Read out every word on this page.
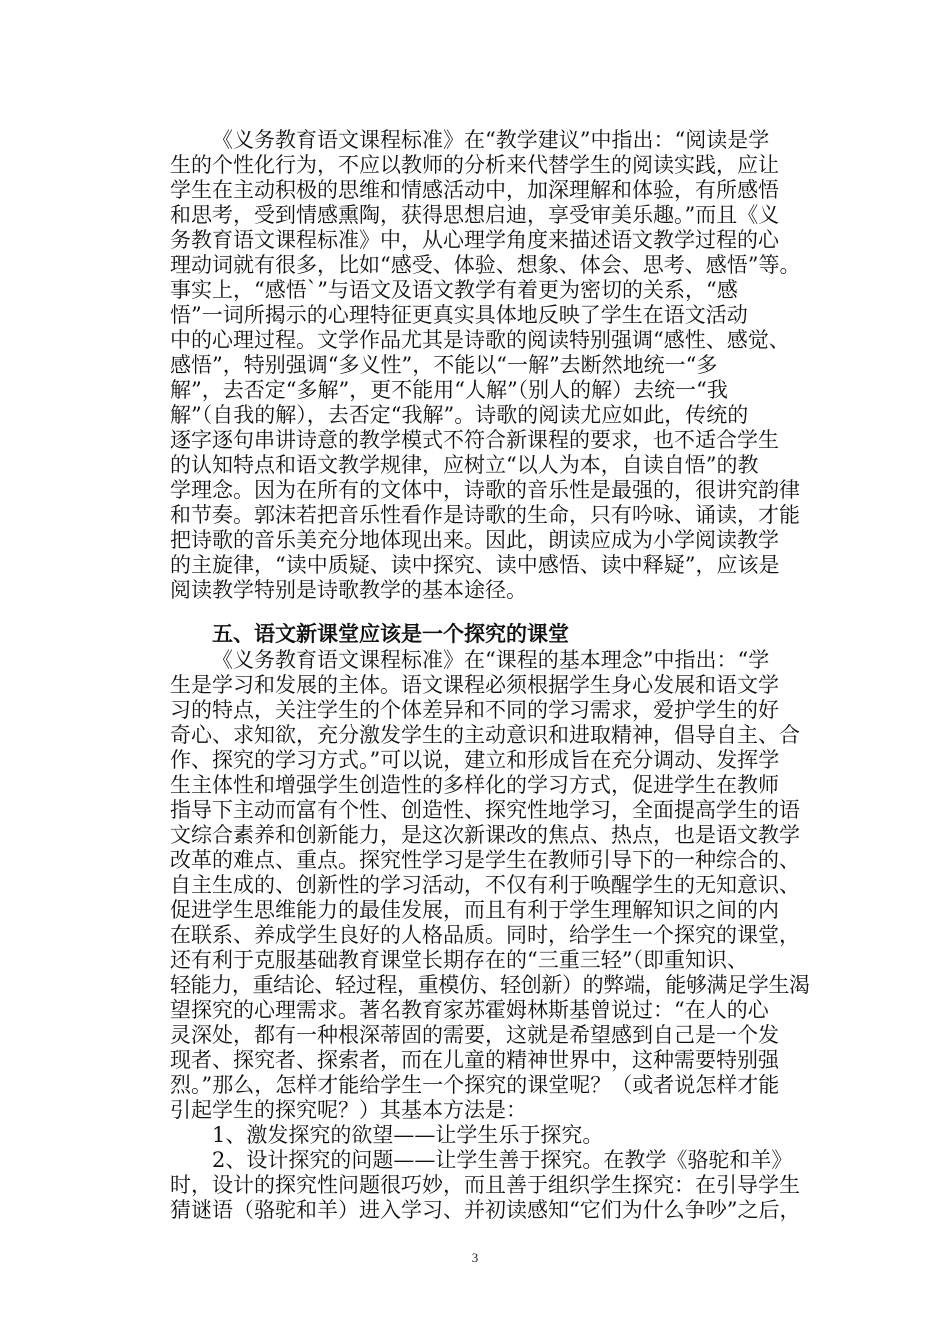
《义务教育语文课程标准》在“教学建议”中指出：“阅读是学
生的个性化行为，不应以教师的分析来代替学生的阅读实践，应让
学生在主动积极的思维和情感活动中，加深理解和体验，有所感悟
和思考，受到情感熏陶，获得思想启迪，享受审美乐趣。”而且《义
务教育语文课程标准》中，从心理学角度来描述语文教学过程的心
理动词就有很多，比如“感受、体验、想象、体会、思考、感悟”等。
事实上，“感悟`”与语文及语文教学有着更为密切的关系，“感
悟”一词所揭示的心理特征更真实具体地反映了学生在语文活动
中的心理过程。文学作品尤其是诗歌的阅读特别强调“感性、感觉、
感悟”，特别强调“多义性”，不能以“一解”去断然地统一“多
解”，去否定“多解”，更不能用“人解”（别人的解）去统一“我
解”（自我的解），去否定“我解”。诗歌的阅读尤应如此，传统的
逐字逐句串讲诗意的教学模式不符合新课程的要求，也不适合学生
的认知特点和语文教学规律，应树立“以人为本，自读自悟”的教
学理念。因为在所有的文体中，诗歌的音乐性是最强的，很讲究韵律
和节奏。郭沫若把音乐性看作是诗歌的生命，只有吟咏、诵读，才能
把诗歌的音乐美充分地体现出来。因此，朗读应成为小学阅读教学
的主旋律，“读中质疑、读中探究、读中感悟、读中释疑”，应该是
阅读教学特别是诗歌教学的基本途径。
五、语文新课堂应该是一个探究的课堂
《义务教育语文课程标准》在“课程的基本理念”中指出：“学
生是学习和发展的主体。语文课程必须根据学生身心发展和语文学
习的特点，关注学生的个体差异和不同的学习需求，爱护学生的好
奇心、求知欲，充分激发学生的主动意识和进取精神，倡导自主、合
作、探究的学习方式。”可以说，建立和形成旨在充分调动、发挥学
生主体性和增强学生创造性的多样化的学习方式，促进学生在教师
指导下主动而富有个性、创造性、探究性地学习，全面提高学生的语
文综合素养和创新能力，是这次新课改的焦点、热点，也是语文教学
改革的难点、重点。探究性学习是学生在教师引导下的一种综合的、
自主生成的、创新性的学习活动，不仅有利于唤醒学生的无知意识、
促进学生思维能力的最佳发展，而且有利于学生理解知识之间的内
在联系、养成学生良好的人格品质。同时，给学生一个探究的课堂，
还有利于克服基础教育课堂长期存在的“三重三轻”（即重知识、
轻能力，重结论、轻过程，重模仿、轻创新）的弊端，能够满足学生渴
望探究的心理需求。著名教育家苏霍姆林斯基曾说过：“在人的心
灵深处，都有一种根深蒂固的需要，这就是希望感到自己是一个发
现者、探究者、探索者，而在儿童的精神世界中，这种需要特别强
烈。”那么，怎样才能给学生一个探究的课堂呢？（或者说怎样才能
引起学生的探究呢？）其基本方法是：
1、激发探究的欲望——让学生乐于探究。
2、设计探究的问题——让学生善于探究。在教学《骆驼和羊》
时，设计的探究性问题很巧妙，而且善于组织学生探究：在引导学生
猜谜语（骆驼和羊）进入学习、并初读感知“它们为什么争吵”之后，
3
